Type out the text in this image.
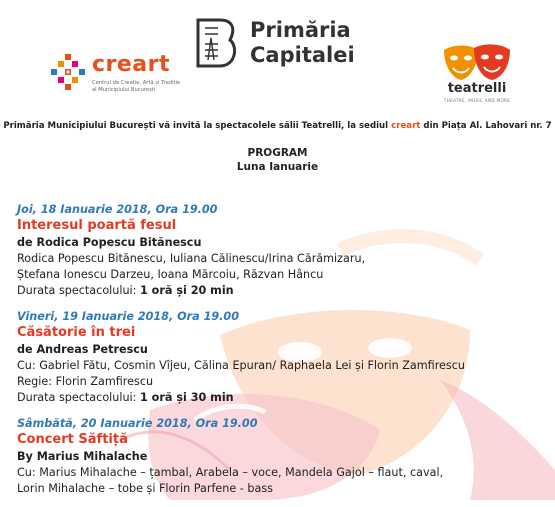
creart
Centrul de Creație, Artă și Tradiție al Municipiului București
Primăria
Capitalei
teatrelli
THEATRE, MUSIC AND MORE
Primăria Municipiului București vă invită la spectacolele sălii Teatrelli, la sediul creart din Piața Al. Lahovari nr. 7
PROGRAM
Luna Ianuarie
Joi, 18 Ianuarie 2018, Ora 19.00
Interesul poartă fesul
de Rodica Popescu Bitănescu
Rodica Popescu Bitănescu, Iuliana Călinescu/Irina Cărămizaru,
Ștefana Ionescu Darzeu, Ioana Mărcoiu, Răzvan Hâncu
Durata spectacolului: 1 oră și 20 min
Vineri, 19 Ianuarie 2018, Ora 19.00
Căsătorie în trei
de Andreas Petrescu
Cu: Gabriel Fătu, Cosmin Vîjeu, Călina Epuran/ Raphaela Lei și Florin Zamfirescu
Regie: Florin Zamfirescu
Durata spectacolului: 1 oră și 30 min
Sâmbătă, 20 Ianuarie 2018, Ora 19.00
Concert Săftiță
By Marius Mihalache
Cu: Marius Mihalache – țambal, Arabela – voce, Mandela Gajol – flaut, caval,
Lorin Mihalache – tobe și Florin Parfene - bass
